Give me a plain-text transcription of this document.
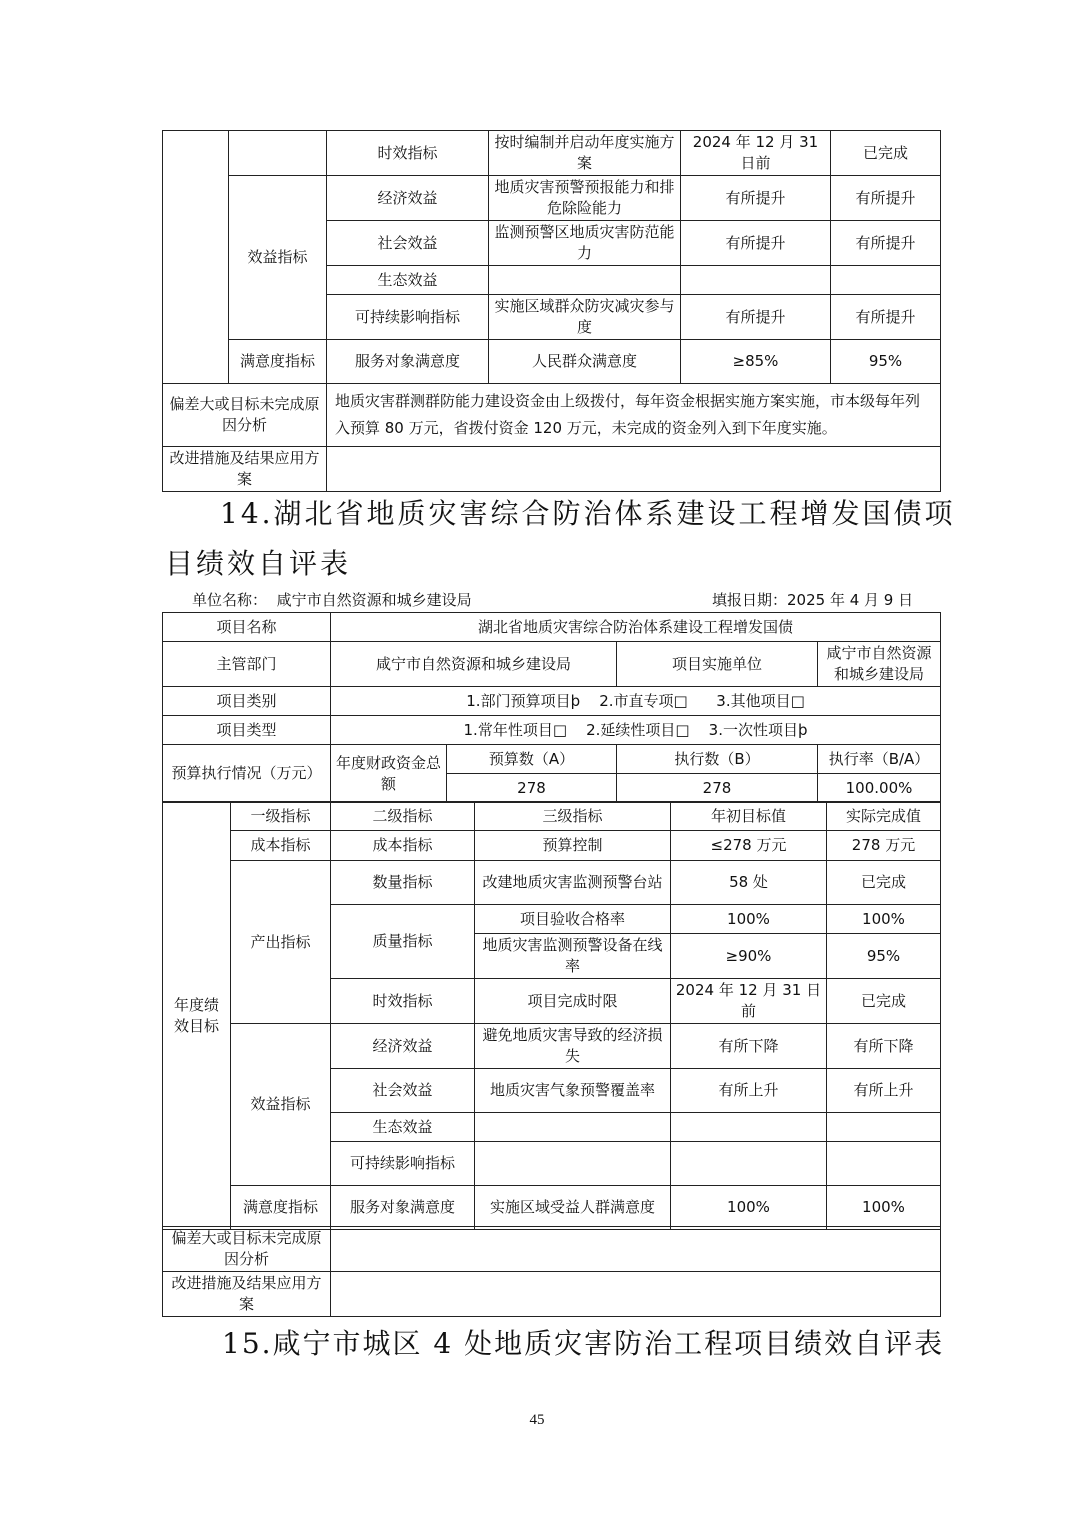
		时效指标	按时编制并启动年度实施方案	2024 年 12 月 31 日前	已完成
	效益指标	经济效益	地质灾害预警预报能力和排危除险能力	有所提升	有所提升
		社会效益	监测预警区地质灾害防范能力	有所提升	有所提升
		生态效益			
		可持续影响指标	实施区域群众防灾减灾参与度	有所提升	有所提升
	满意度指标	服务对象满意度	人民群众满意度	≥85%	95%
偏差大或目标未完成原因分析		地质灾害群测群防能力建设资金由上级拨付，每年资金根据实施方案实施，市本级每年列入预算 80 万元，省拨付资金 120 万元，未完成的资金列入到下年度实施。			
改进措施及结果应用方案					
14.湖北省地质灾害综合防治体系建设工程增发国债项
目绩效自评表
单位名称： 咸宁市自然资源和城乡建设局	填报日期：2025 年 4 月 9 日
项目名称	湖北省地质灾害综合防治体系建设工程增发国债			
主管部门	咸宁市自然资源和城乡建设局		项目实施单位	咸宁市自然资源和城乡建设局
项目类别	1.部门预算项目þ 2.市直专项□ 3.其他项目□			
项目类型	1.常年性项目□ 2.延续性项目□ 3.一次性项目þ			
预算执行情况（万元）	年度财政资金总额	预算数（A）	执行数（B）	执行率（B/A）
		278	278	100.00%
年度绩效目标	一级指标	二级指标	三级指标	年初目标值	实际完成值
	成本指标	成本指标	预算控制	≤278 万元	278 万元
	产出指标	数量指标	改建地质灾害监测预警台站	58 处	已完成
		质量指标	项目验收合格率	100%	100%
			地质灾害监测预警设备在线率	≥90%	95%
		时效指标	项目完成时限	2024 年 12 月 31 日前	已完成
	效益指标	经济效益	避免地质灾害导致的经济损失	有所下降	有所下降
		社会效益	地质灾害气象预警覆盖率	有所上升	有所上升
		生态效益			
		可持续影响指标			
	满意度指标	服务对象满意度	实施区域受益人群满意度	100%	100%
偏差大或目标未完成原因分析	
改进措施及结果应用方案	
15.咸宁市城区 4 处地质灾害防治工程项目绩效自评表
45
